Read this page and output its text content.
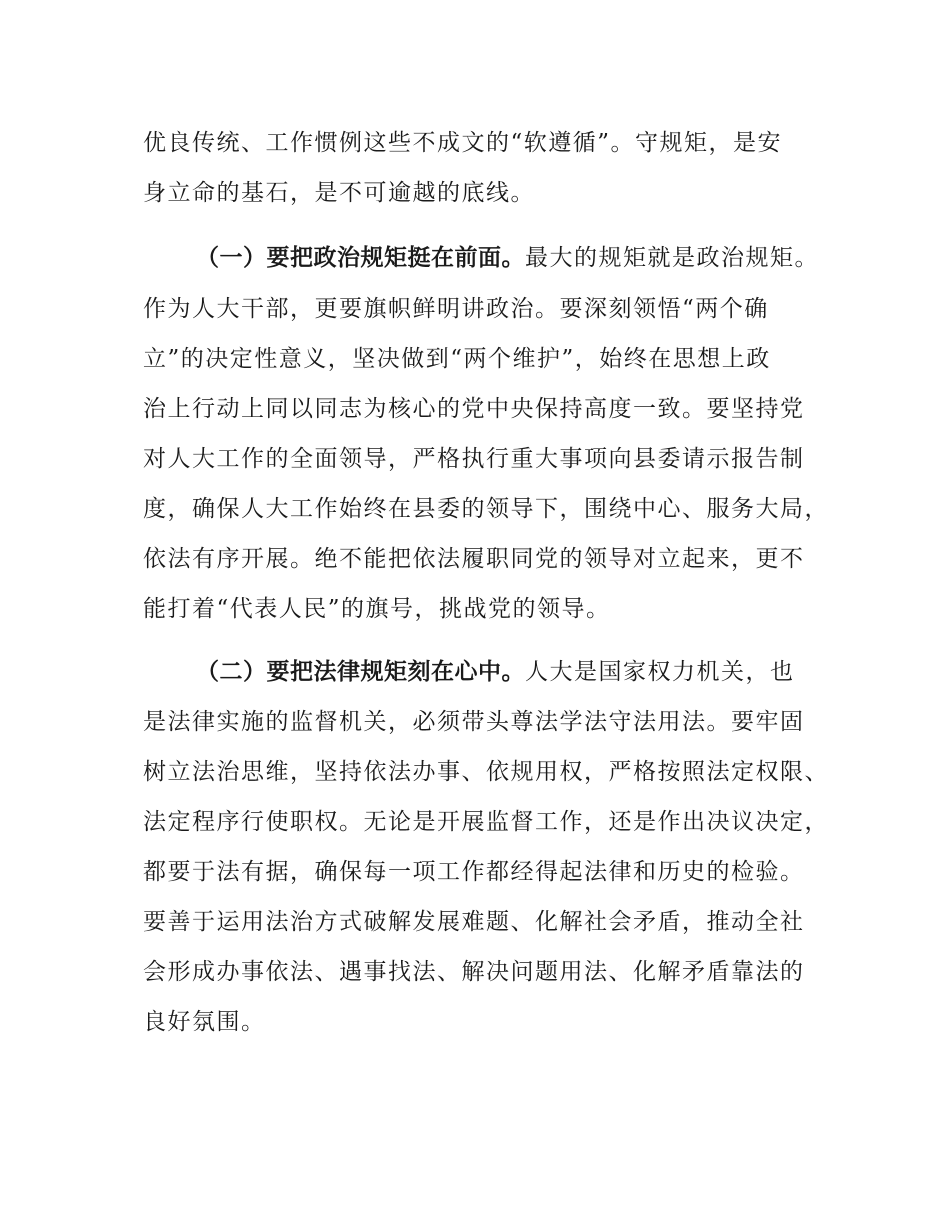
优良传统、工作惯例这些不成文的“软遵循”。守规矩，是安
身立命的基石，是不可逾越的底线。
（一）要把政治规矩挺在前面。最大的规矩就是政治规矩。
作为人大干部，更要旗帜鲜明讲政治。要深刻领悟“两个确
立”的决定性意义，坚决做到“两个维护”，始终在思想上政
治上行动上同以同志为核心的党中央保持高度一致。要坚持党
对人大工作的全面领导，严格执行重大事项向县委请示报告制
度，确保人大工作始终在县委的领导下，围绕中心、服务大局，
依法有序开展。绝不能把依法履职同党的领导对立起来，更不
能打着“代表人民”的旗号，挑战党的领导。
（二）要把法律规矩刻在心中。人大是国家权力机关，也
是法律实施的监督机关，必须带头尊法学法守法用法。要牢固
树立法治思维，坚持依法办事、依规用权，严格按照法定权限、
法定程序行使职权。无论是开展监督工作，还是作出决议决定，
都要于法有据，确保每一项工作都经得起法律和历史的检验。
要善于运用法治方式破解发展难题、化解社会矛盾，推动全社
会形成办事依法、遇事找法、解决问题用法、化解矛盾靠法的
良好氛围。
